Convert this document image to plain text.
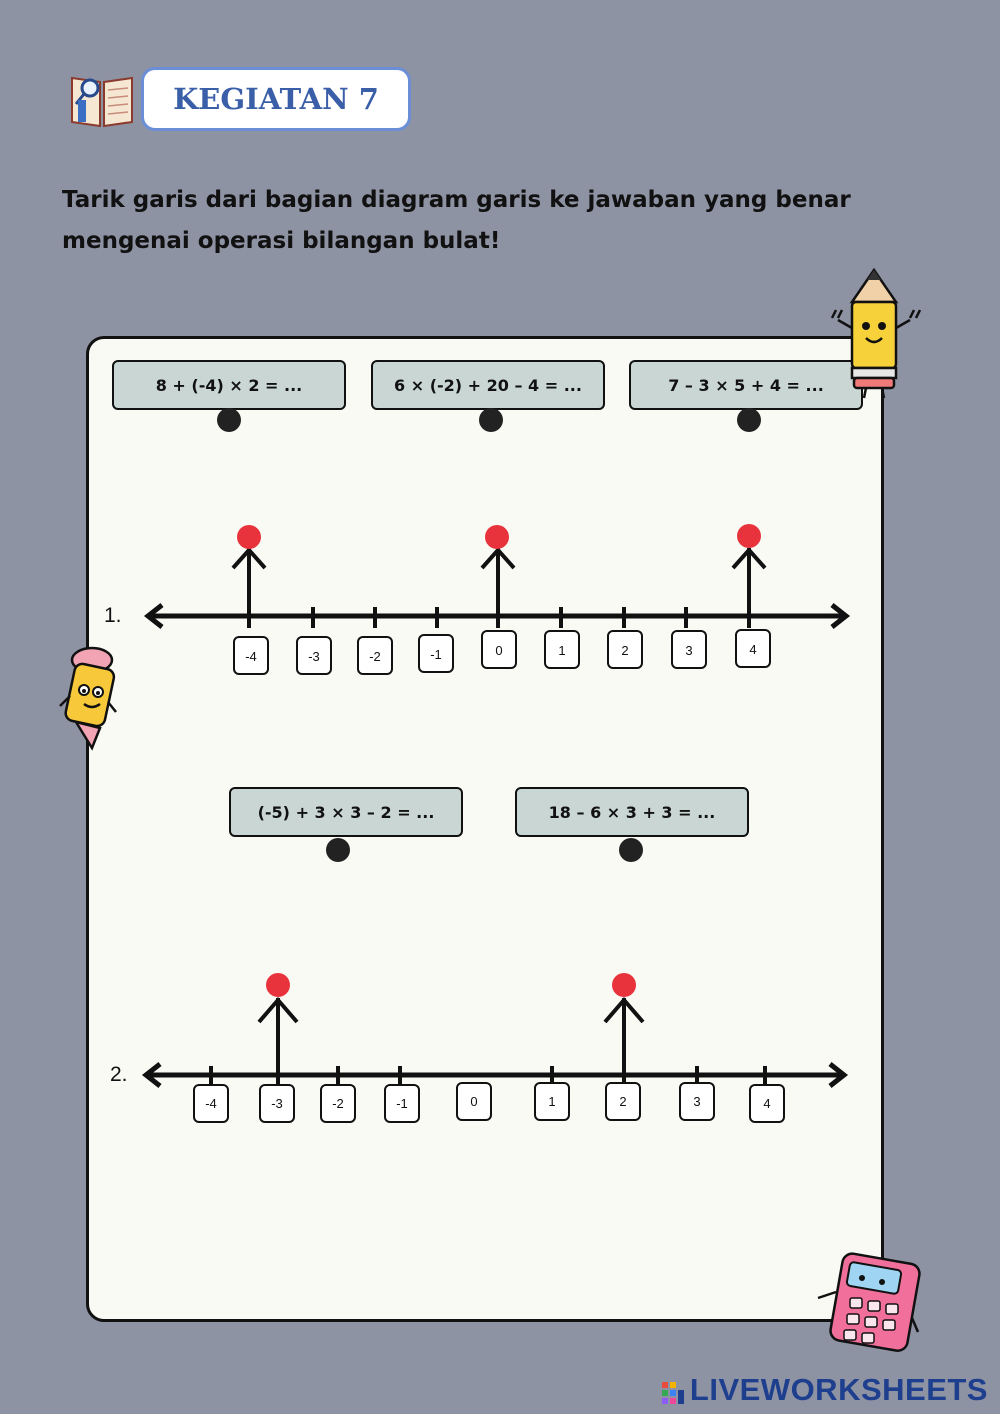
KEGIATAN 7
Tarik garis dari bagian diagram garis ke jawaban yang benar mengenai operasi bilangan bulat!
8 + (-4) × 2 = ...	6 × (-2) + 20 – 4 = ...	7 – 3 × 5 + 4 = ...
(-5) + 3 × 3 – 2 = ...	18 – 6 × 3 + 3 = ...
-4	-3	-2	-1	0	1	2	3	4
-4	-3	-2	-1	0	1	2	3	4
1.
2.
LIVEWORKSHEETS
